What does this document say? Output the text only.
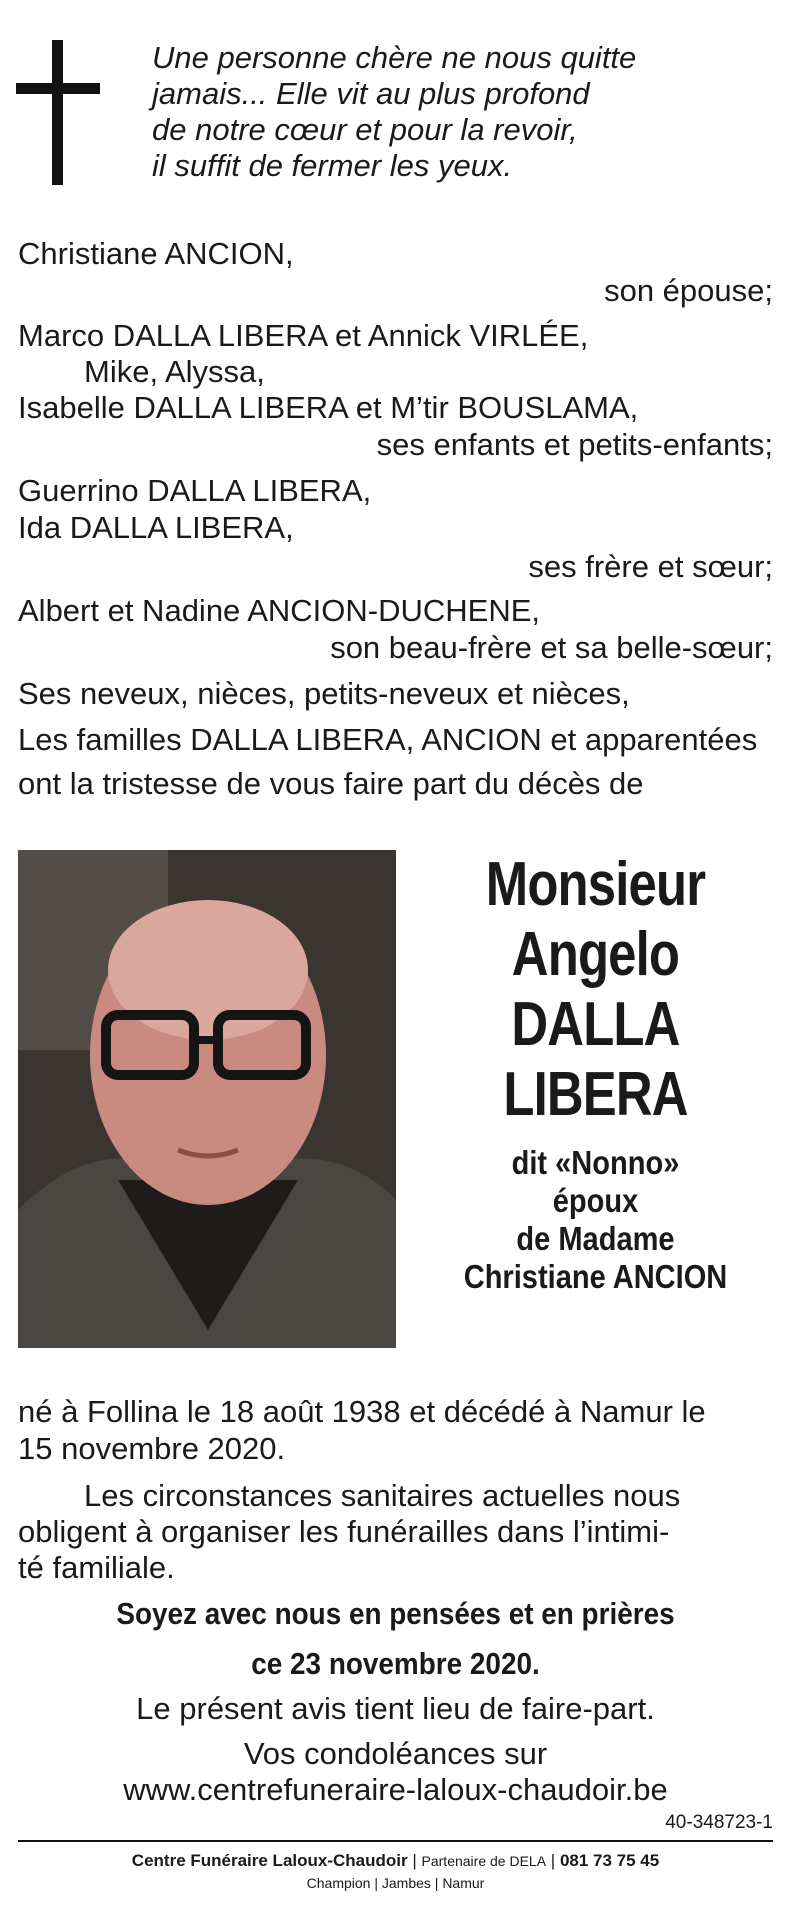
Une personne chère ne nous quitte
jamais... Elle vit au plus profond
de notre cœur et pour la revoir,
il suffit de fermer les yeux.
Christiane ANCION,
son épouse;
Marco DALLA LIBERA et Annick VIRLÉE,
Mike, Alyssa,
Isabelle DALLA LIBERA et M’tir BOUSLAMA,
ses enfants et petits-enfants;
Guerrino DALLA LIBERA,
Ida DALLA LIBERA,
ses frère et sœur;
Albert et Nadine ANCION-DUCHENE,
son beau-frère et sa belle-sœur;
Ses neveux, nièces, petits-neveux et nièces,
Les familles DALLA LIBERA, ANCION et apparentées
ont la tristesse de vous faire part du décès de
Monsieur
Angelo
DALLA
LIBERA
dit «Nonno»
époux
de Madame
Christiane ANCION
né à Follina le 18 août 1938 et décédé à Namur le
15 novembre 2020.
Les circonstances sanitaires actuelles nous
obligent à organiser les funérailles dans l’intimi-
té familiale.
Soyez avec nous en pensées et en prières
ce 23 novembre 2020.
Le présent avis tient lieu de faire-part.
Vos condoléances sur
www.centrefuneraire-laloux-chaudoir.be
40-348723-1
Centre Funéraire Laloux-Chaudoir | Partenaire de DELA | 081 73 75 45
Champion | Jambes | Namur
